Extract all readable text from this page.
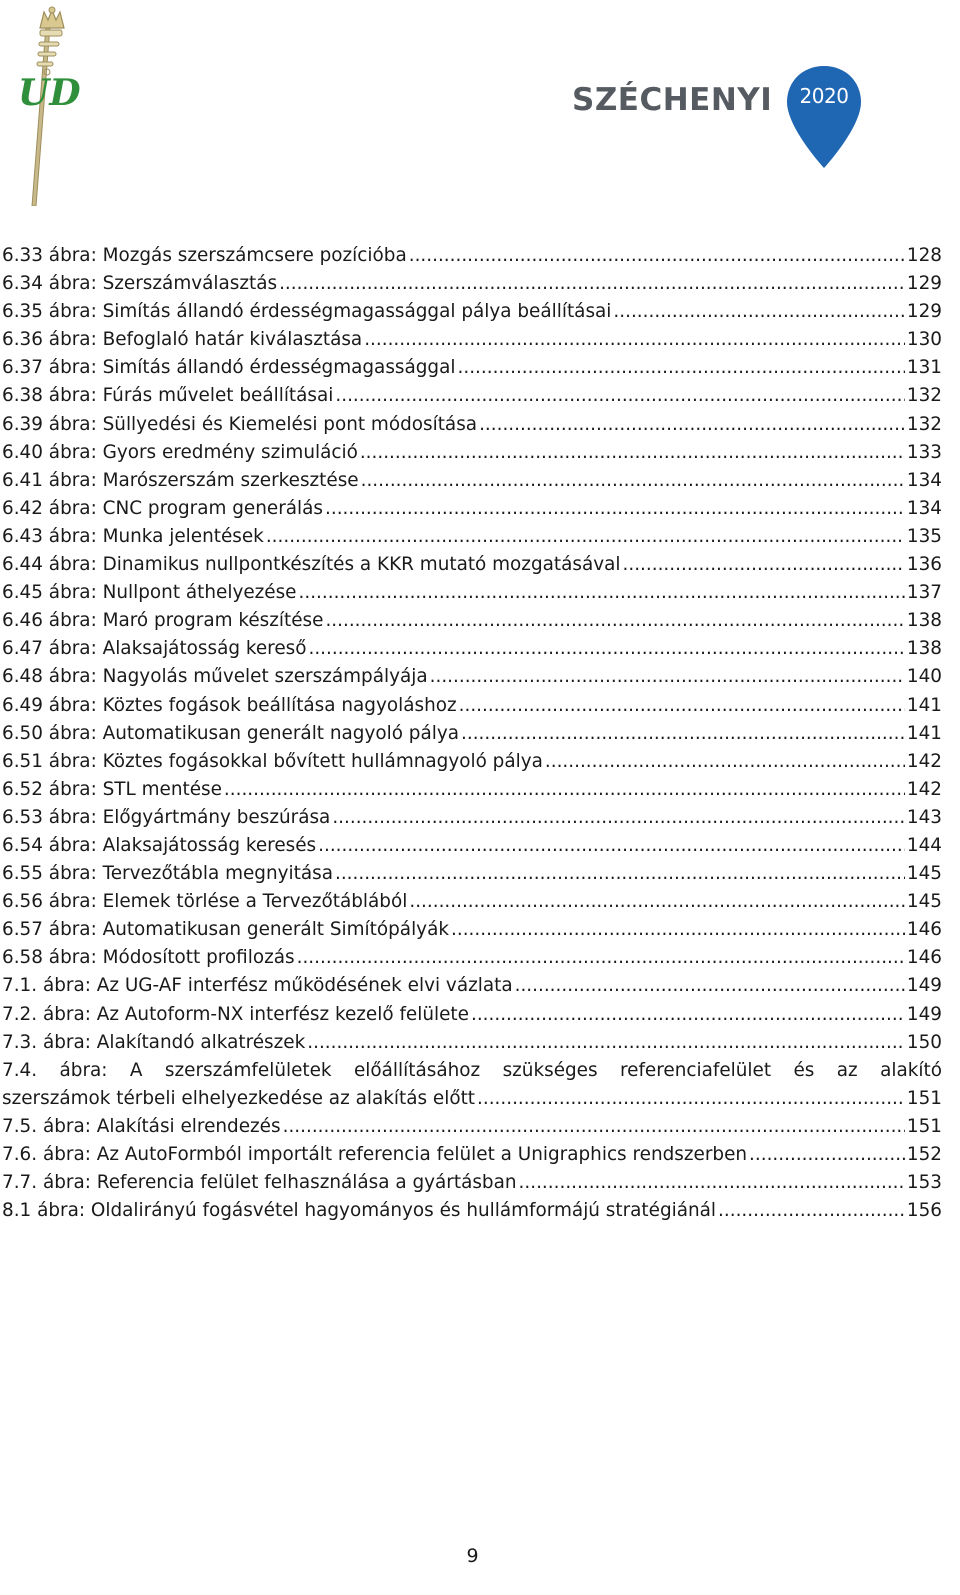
UD	SZÉCHENYI	2020
6.33 ábra: Mozgás szerszámcsere pozícióba .....	128
6.34 ábra: Szerszámválasztás .....	129
6.35 ábra: Simítás állandó érdességmagassággal pálya beállításai .....	129
6.36 ábra: Befoglaló határ kiválasztása .....	130
6.37 ábra: Simítás állandó érdességmagassággal .....	131
6.38 ábra: Fúrás művelet beállításai .....	132
6.39 ábra: Süllyedési és Kiemelési pont módosítása .....	132
6.40 ábra: Gyors eredmény szimuláció .....	133
6.41 ábra: Marószerszám szerkesztése .....	134
6.42 ábra: CNC program generálás .....	134
6.43 ábra: Munka jelentések .....	135
6.44 ábra: Dinamikus nullpontkészítés a KKR mutató mozgatásával .....	136
6.45 ábra: Nullpont áthelyezése .....	137
6.46 ábra: Maró program készítése .....	138
6.47 ábra: Alaksajátosság kereső .....	138
6.48 ábra: Nagyolás művelet szerszámpályája .....	140
6.49 ábra: Köztes fogások beállítása nagyoláshoz .....	141
6.50 ábra: Automatikusan generált nagyoló pálya .....	141
6.51 ábra: Köztes fogásokkal bővített hullámnagyoló pálya .....	142
6.52 ábra: STL mentése .....	142
6.53 ábra: Előgyártmány beszúrása .....	143
6.54 ábra: Alaksajátosság keresés .....	144
6.55 ábra: Tervezőtábla megnyitása .....	145
6.56 ábra: Elemek törlése a Tervezőtáblából .....	145
6.57 ábra: Automatikusan generált Simítópályák .....	146
6.58 ábra: Módosított profilozás .....	146
7.1. ábra: Az UG-AF interfész működésének elvi vázlata .....	149
7.2. ábra: Az Autoform-NX interfész kezelő felülete .....	149
7.3. ábra: Alakítandó alkatrészek .....	150
7.4. ábra: A szerszámfelületek előállításához szükséges referenciafelület és az alakító
szerszámok térbeli elhelyezkedése az alakítás előtt .....	151
7.5. ábra: Alakítási elrendezés .....	151
7.6. ábra: Az AutoFormból importált referencia felület a Unigraphics rendszerben .....	152
7.7. ábra: Referencia felület felhasználása a gyártásban .....	153
8.1 ábra: Oldalirányú fogásvétel hagyományos és hullámformájú stratégiánál .....	156
9
